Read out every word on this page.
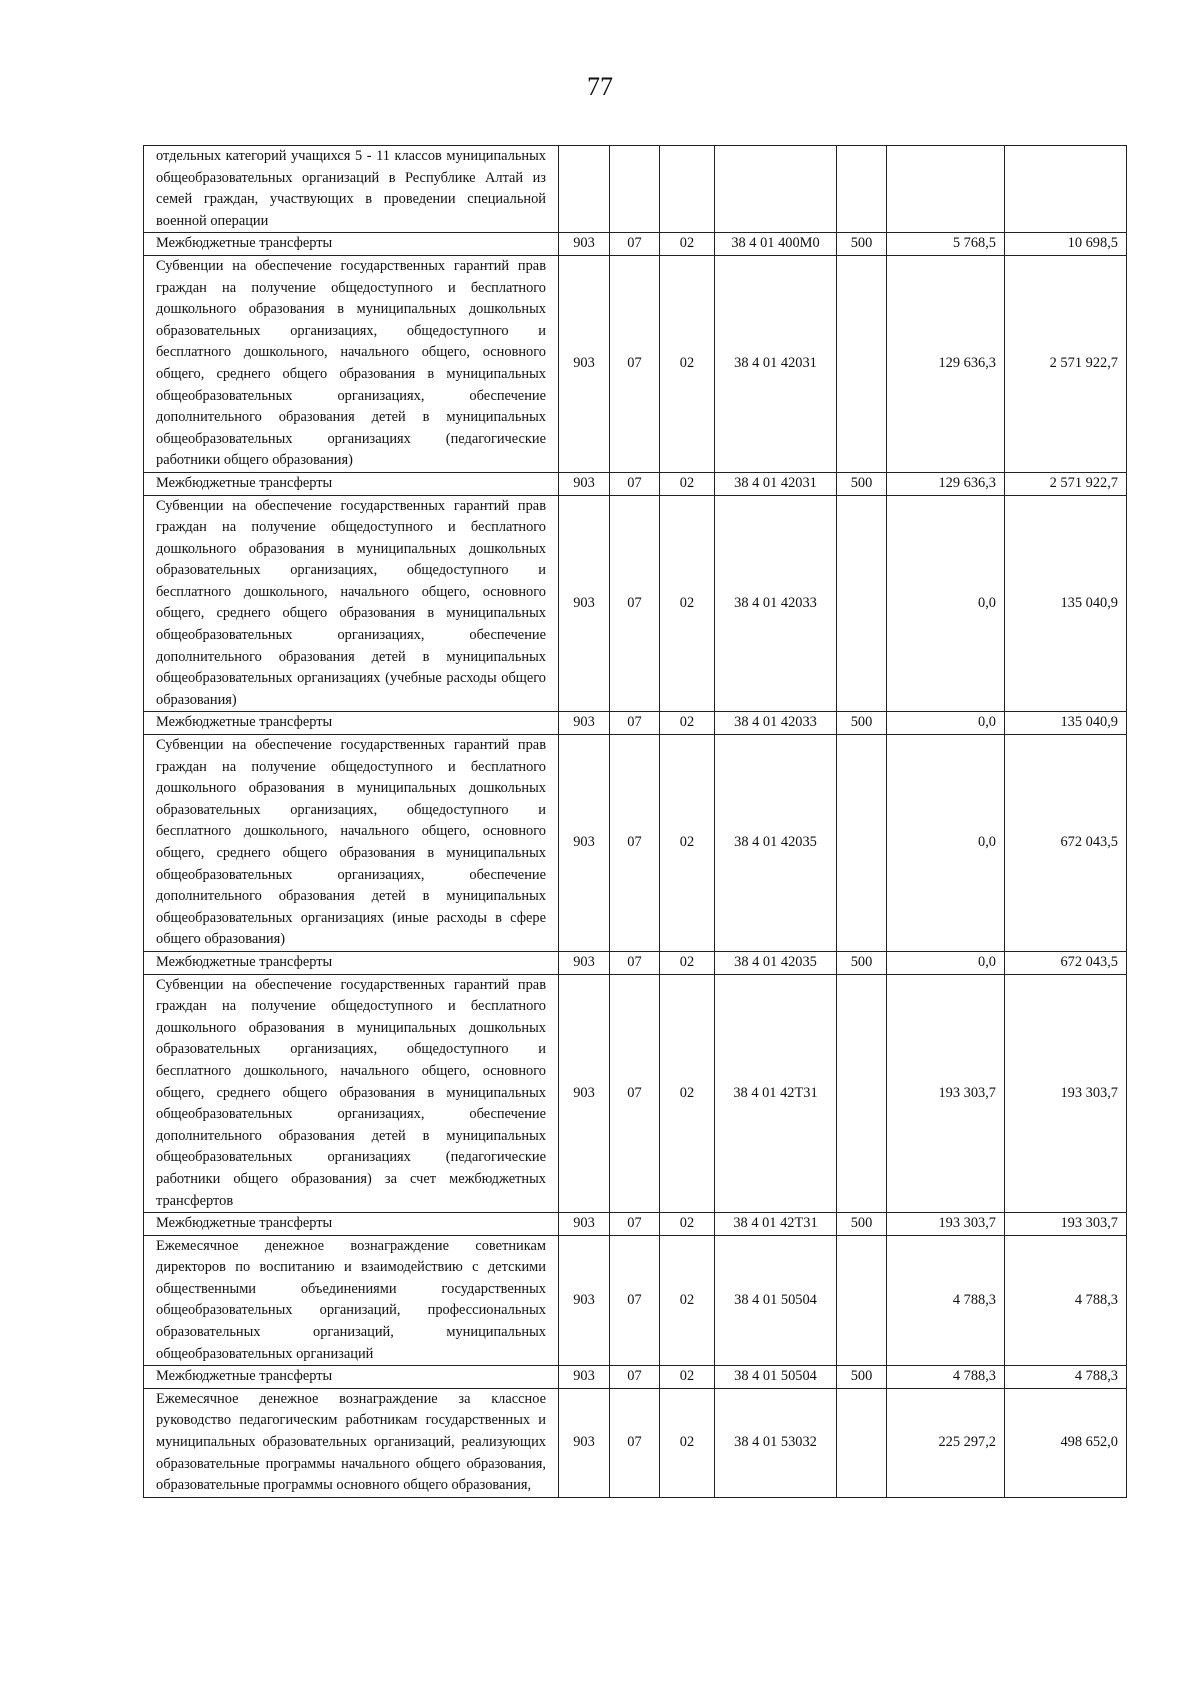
77
отдельных категорий учащихся 5 - 11 классов муниципальных общеобразовательных организаций в Республике Алтай из семей граждан, участвующих в проведении специальной военной операции							
Межбюджетные трансферты	903	07	02	38 4 01 400M0	500	5 768,5	10 698,5
Субвенции на обеспечение государственных гарантий прав граждан на получение общедоступного и бесплатного дошкольного образования в муниципальных дошкольных образовательных организациях, общедоступного и бесплатного дошкольного, начального общего, основного общего, среднего общего образования в муниципальных общеобразовательных организациях, обеспечение дополнительного образования детей в муниципальных общеобразовательных организациях (педагогические работники общего образования)	903	07	02	38 4 01 42031		129 636,3	2 571 922,7
Межбюджетные трансферты	903	07	02	38 4 01 42031	500	129 636,3	2 571 922,7
Субвенции на обеспечение государственных гарантий прав граждан на получение общедоступного и бесплатного дошкольного образования в муниципальных дошкольных образовательных организациях, общедоступного и бесплатного дошкольного, начального общего, основного общего, среднего общего образования в муниципальных общеобразовательных организациях, обеспечение дополнительного образования детей в муниципальных общеобразовательных организациях (учебные расходы общего образования)	903	07	02	38 4 01 42033		0,0	135 040,9
Межбюджетные трансферты	903	07	02	38 4 01 42033	500	0,0	135 040,9
Субвенции на обеспечение государственных гарантий прав граждан на получение общедоступного и бесплатного дошкольного образования в муниципальных дошкольных образовательных организациях, общедоступного и бесплатного дошкольного, начального общего, основного общего, среднего общего образования в муниципальных общеобразовательных организациях, обеспечение дополнительного образования детей в муниципальных общеобразовательных организациях (иные расходы в сфере общего образования)	903	07	02	38 4 01 42035		0,0	672 043,5
Межбюджетные трансферты	903	07	02	38 4 01 42035	500	0,0	672 043,5
Субвенции на обеспечение государственных гарантий прав граждан на получение общедоступного и бесплатного дошкольного образования в муниципальных дошкольных образовательных организациях, общедоступного и бесплатного дошкольного, начального общего, основного общего, среднего общего образования в муниципальных общеобразовательных организациях, обеспечение дополнительного образования детей в муниципальных общеобразовательных организациях (педагогические работники общего образования) за счет межбюджетных трансфертов	903	07	02	38 4 01 42T31		193 303,7	193 303,7
Межбюджетные трансферты	903	07	02	38 4 01 42T31	500	193 303,7	193 303,7
Ежемесячное денежное вознаграждение советникам директоров по воспитанию и взаимодействию с детскими общественными объединениями государственных общеобразовательных организаций, профессиональных образовательных организаций, муниципальных общеобразовательных организаций	903	07	02	38 4 01 50504		4 788,3	4 788,3
Межбюджетные трансферты	903	07	02	38 4 01 50504	500	4 788,3	4 788,3
Ежемесячное денежное вознаграждение за классное руководство педагогическим работникам государственных и муниципальных образовательных организаций, реализующих образовательные программы начального общего образования, образовательные программы основного общего образования,	903	07	02	38 4 01 53032		225 297,2	498 652,0
